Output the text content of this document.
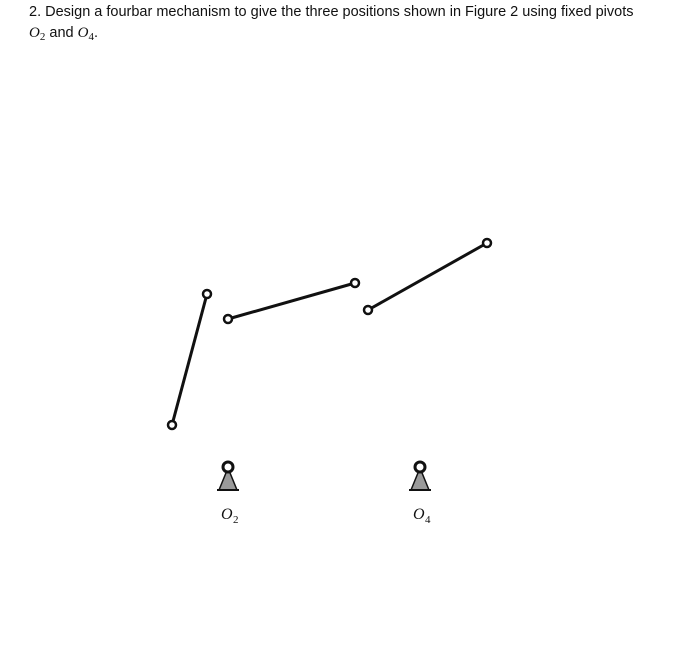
2. Design a fourbar mechanism to give the three positions shown in Figure 2 using fixed pivots
$O_2$ and $O_4$.
O 2	O 4
